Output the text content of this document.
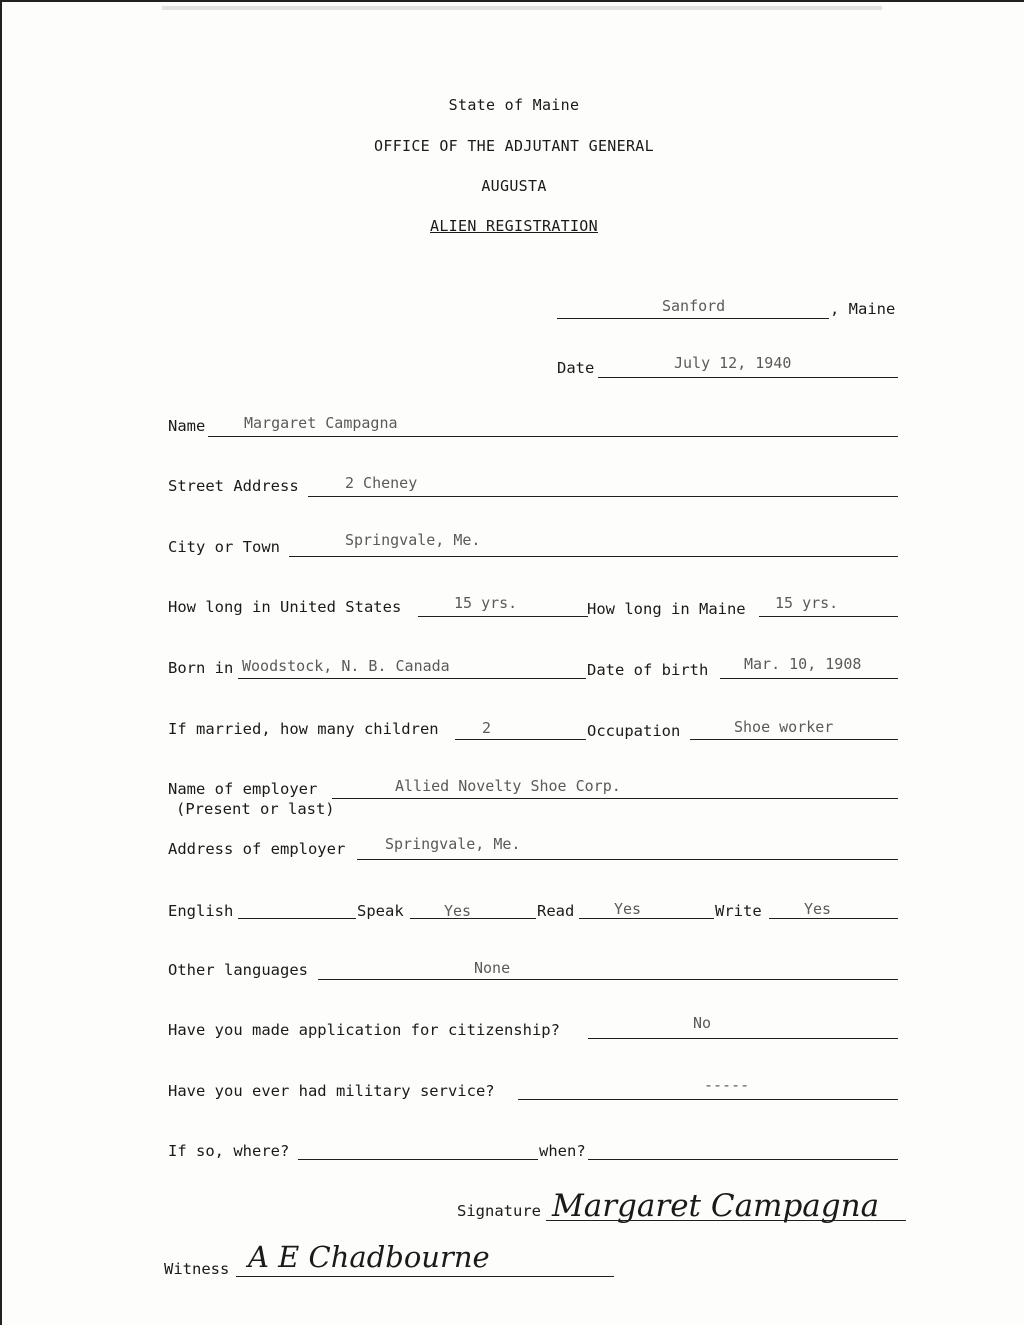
State of Maine
OFFICE OF THE ADJUTANT GENERAL
AUGUSTA
ALIEN REGISTRATION
Sanford	, Maine
Date	July 12, 1940
Name	Margaret Campagna
Street Address	2 Cheney
City or Town	Springvale, Me.
How long in United States	15 yrs.	How long in Maine 15 yrs.
Born in Woodstock, N. B. Canada	Date of birth Mar. 10, 1908
If married, how many children	2	Occupation	Shoe worker
Name of employer
(Present or last)
Allied Novelty Shoe Corp.
Address of employer	Springvale, Me.
English	Speak	Yes	Read	Yes	Write	Yes
Other languages	None
Have you made application for citizenship?	No
Have you ever had military service?	-----
If so, where?	when?
Signature Margaret Campagna
Witness A E Chadbourne
